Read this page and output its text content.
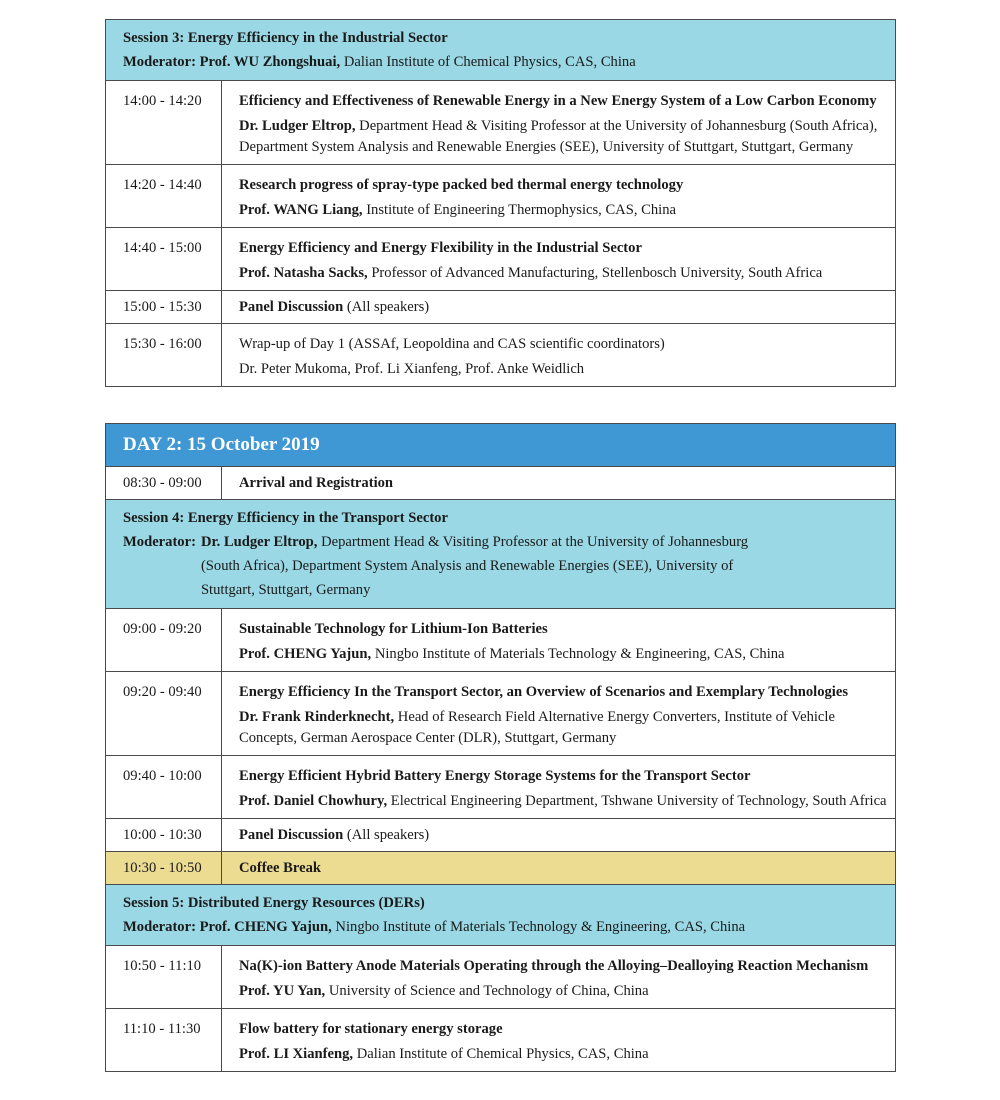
Session 3: Energy Efficiency in the Industrial Sector
Moderator: Prof. WU Zhongshuai, Dalian Institute of Chemical Physics, CAS, China
14:00 - 14:20	Efficiency and Effectiveness of Renewable Energy in a New Energy System of a Low Carbon Economy
Dr. Ludger Eltrop, Department Head & Visiting Professor at the University of Johannesburg (South Africa), Department System Analysis and Renewable Energies (SEE), University of Stuttgart, Stuttgart, Germany
14:20 - 14:40	Research progress of spray-type packed bed thermal energy technology
Prof. WANG Liang, Institute of Engineering Thermophysics, CAS, China
14:40 - 15:00	Energy Efficiency and Energy Flexibility in the Industrial Sector
Prof. Natasha Sacks, Professor of Advanced Manufacturing, Stellenbosch University, South Africa
15:00 - 15:30	Panel Discussion (All speakers)
15:30 - 16:00	Wrap-up of Day 1 (ASSAf, Leopoldina and CAS scientific coordinators)
Dr. Peter Mukoma, Prof. Li Xianfeng, Prof. Anke Weidlich
DAY 2: 15 October 2019
08:30 - 09:00	Arrival and Registration
Session 4: Energy Efficiency in the Transport Sector
Moderator: Dr. Ludger Eltrop, Department Head & Visiting Professor at the University of Johannesburg (South Africa), Department System Analysis and Renewable Energies (SEE), University of Stuttgart, Stuttgart, Germany
09:00 - 09:20	Sustainable Technology for Lithium-Ion Batteries
Prof. CHENG Yajun, Ningbo Institute of Materials Technology & Engineering, CAS, China
09:20 - 09:40	Energy Efficiency In the Transport Sector, an Overview of Scenarios and Exemplary Technologies
Dr. Frank Rinderknecht, Head of Research Field Alternative Energy Converters, Institute of Vehicle Concepts, German Aerospace Center (DLR), Stuttgart, Germany
09:40 - 10:00	Energy Efficient Hybrid Battery Energy Storage Systems for the Transport Sector
Prof. Daniel Chowhury, Electrical Engineering Department, Tshwane University of Technology, South Africa
10:00 - 10:30	Panel Discussion (All speakers)
10:30 - 10:50	Coffee Break
Session 5: Distributed Energy Resources (DERs)
Moderator: Prof. CHENG Yajun, Ningbo Institute of Materials Technology & Engineering, CAS, China
10:50 - 11:10	Na(K)-ion Battery Anode Materials Operating through the Alloying–Dealloying Reaction Mechanism
Prof. YU Yan, University of Science and Technology of China, China
11:10 - 11:30	Flow battery for stationary energy storage
Prof. LI Xianfeng, Dalian Institute of Chemical Physics, CAS, China
